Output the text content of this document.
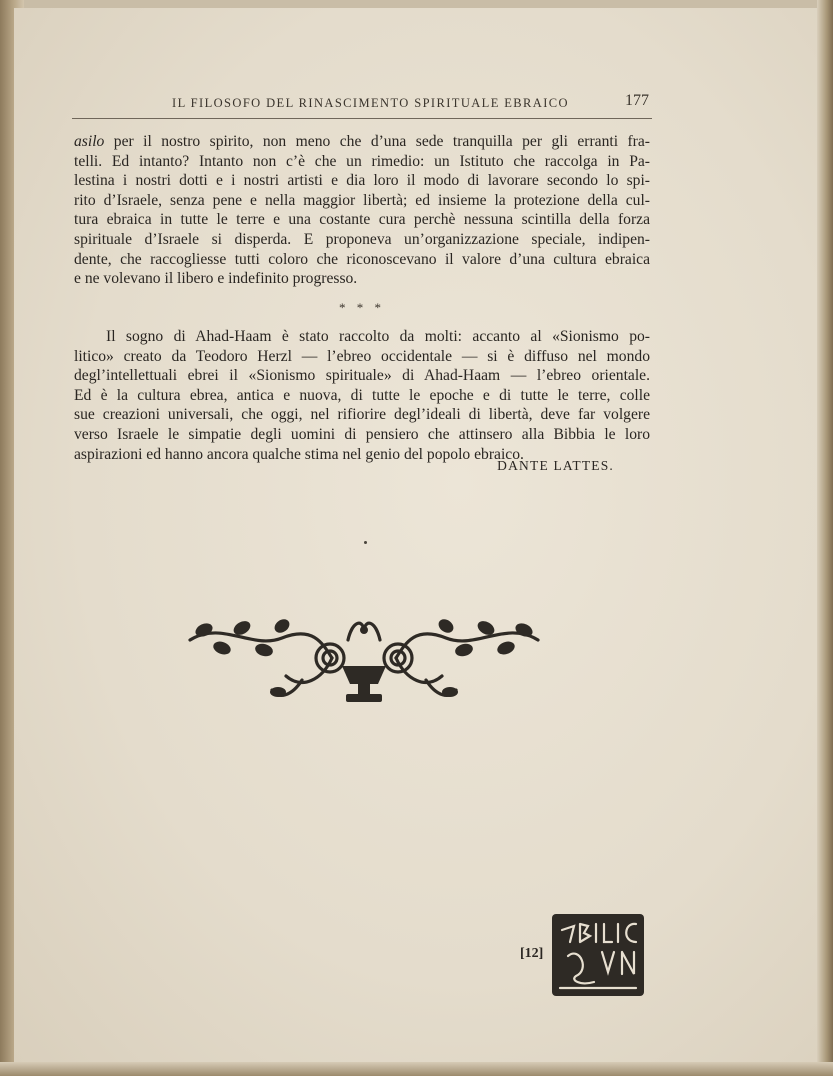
IL FILOSOFO DEL RINASCIMENTO SPIRITUALE EBRAICO	177
asilo per il nostro spirito, non meno che d’una sede tranquilla per gli erranti fra-
telli. Ed intanto? Intanto non c’è che un rimedio: un Istituto che raccolga in Pa-
lestina i nostri dotti e i nostri artisti e dia loro il modo di lavorare secondo lo spi-
rito d’Israele, senza pene e nella maggior libertà; ed insieme la protezione della cul-
tura ebraica in tutte le terre e una costante cura perchè nessuna scintilla della forza
spirituale d’Israele si disperda. E proponeva un’organizzazione speciale, indipen-
dente, che raccogliesse tutti coloro che riconoscevano il valore d’una cultura ebraica
e ne volevano il libero e indefinito progresso.
* * *
Il sogno di Ahad-Haam è stato raccolto da molti: accanto al «Sionismo po-
litico» creato da Teodoro Herzl — l’ebreo occidentale — si è diffuso nel mondo
degl’intellettuali ebrei il «Sionismo spirituale» di Ahad-Haam — l’ebreo orientale.
Ed è la cultura ebrea, antica e nuova, di tutte le epoche e di tutte le terre, colle
sue creazioni universali, che oggi, nel rifiorire degl’ideali di libertà, deve far volgere
verso Israele le simpatie degli uomini di pensiero che attinsero alla Bibbia le loro
aspirazioni ed hanno ancora qualche stima nel genio del popolo ebraico.
DANTE LATTES.
[12]
